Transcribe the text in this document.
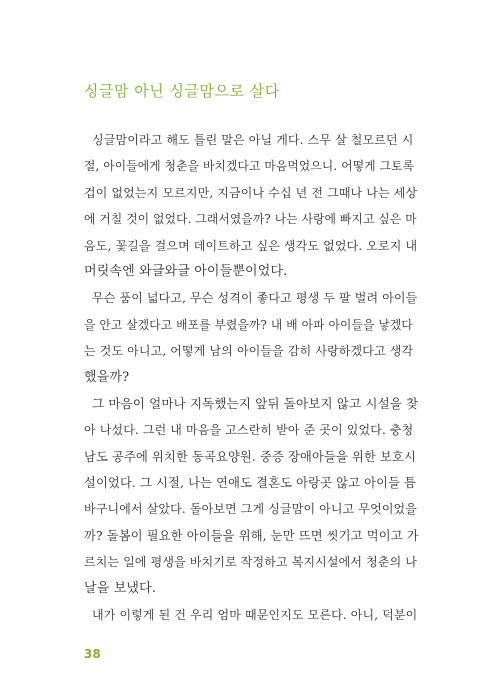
싱글맘 아닌 싱글맘으로 살다
싱글맘이라고 해도 틀린 말은 아닐 게다. 스무 살 철모르던 시
절, 아이들에게 청춘을 바치겠다고 마음먹었으니. 어떻게 그토록
겁이 없었는지 모르지만, 지금이나 수십 년 전 그때나 나는 세상
에 거칠 것이 없었다. 그래서였을까? 나는 사랑에 빠지고 싶은 마
음도, 꽃길을 걸으며 데이트하고 싶은 생각도 없었다. 오로지 내
머릿속엔 와글와글 아이들뿐이었다.
무슨 품이 넓다고, 무슨 성격이 좋다고 평생 두 팔 벌려 아이들
을 안고 살겠다고 배포를 부렸을까? 내 배 아파 아이들을 낳겠다
는 것도 아니고, 어떻게 남의 아이들을 감히 사랑하겠다고 생각
했을까?
그 마음이 얼마나 지독했는지 앞뒤 돌아보지 않고 시설을 찾
아 나섰다. 그런 내 마음을 고스란히 받아 준 곳이 있었다. 충청
남도 공주에 위치한 동곡요양원. 중증 장애아들을 위한 보호시
설이었다. 그 시절, 나는 연애도 결혼도 아랑곳 않고 아이들 틈
바구니에서 살았다. 돌아보면 그게 싱글맘이 아니고 무엇이었을
까? 돌봄이 필요한 아이들을 위해, 눈만 뜨면 씻기고 먹이고 가
르치는 일에 평생을 바치기로 작정하고 복지시설에서 청춘의 나
날을 보냈다.
내가 이렇게 된 건 우리 엄마 때문인지도 모른다. 아니, 덕분이
38
